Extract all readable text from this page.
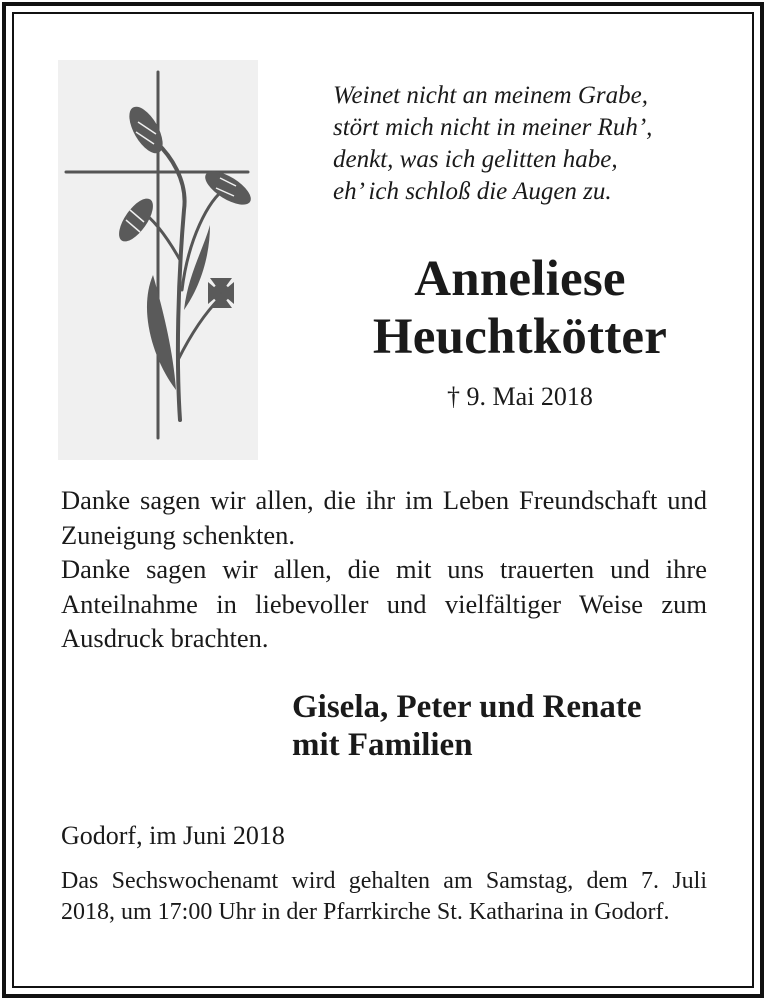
Weinet nicht an meinem Grabe,
stört mich nicht in meiner Ruh’,
denkt, was ich gelitten habe,
eh’ ich schloß die Augen zu.
Anneliese
Heuchtkötter
† 9. Mai 2018

Danke sagen wir allen, die ihr im Leben Freundschaft und Zuneigung schenkten.

Danke sagen wir allen, die mit uns trauerten und ihre Anteilnahme in liebevoller und vielfältiger Weise zum Ausdruck brachten.

Gisela, Peter und Renate
mit Familien
Godorf, im Juni 2018
Das Sechswochenamt wird gehalten am Samstag, dem 7. Juli 2018, um 17:00 Uhr in der Pfarrkirche St. Katharina in Godorf.
